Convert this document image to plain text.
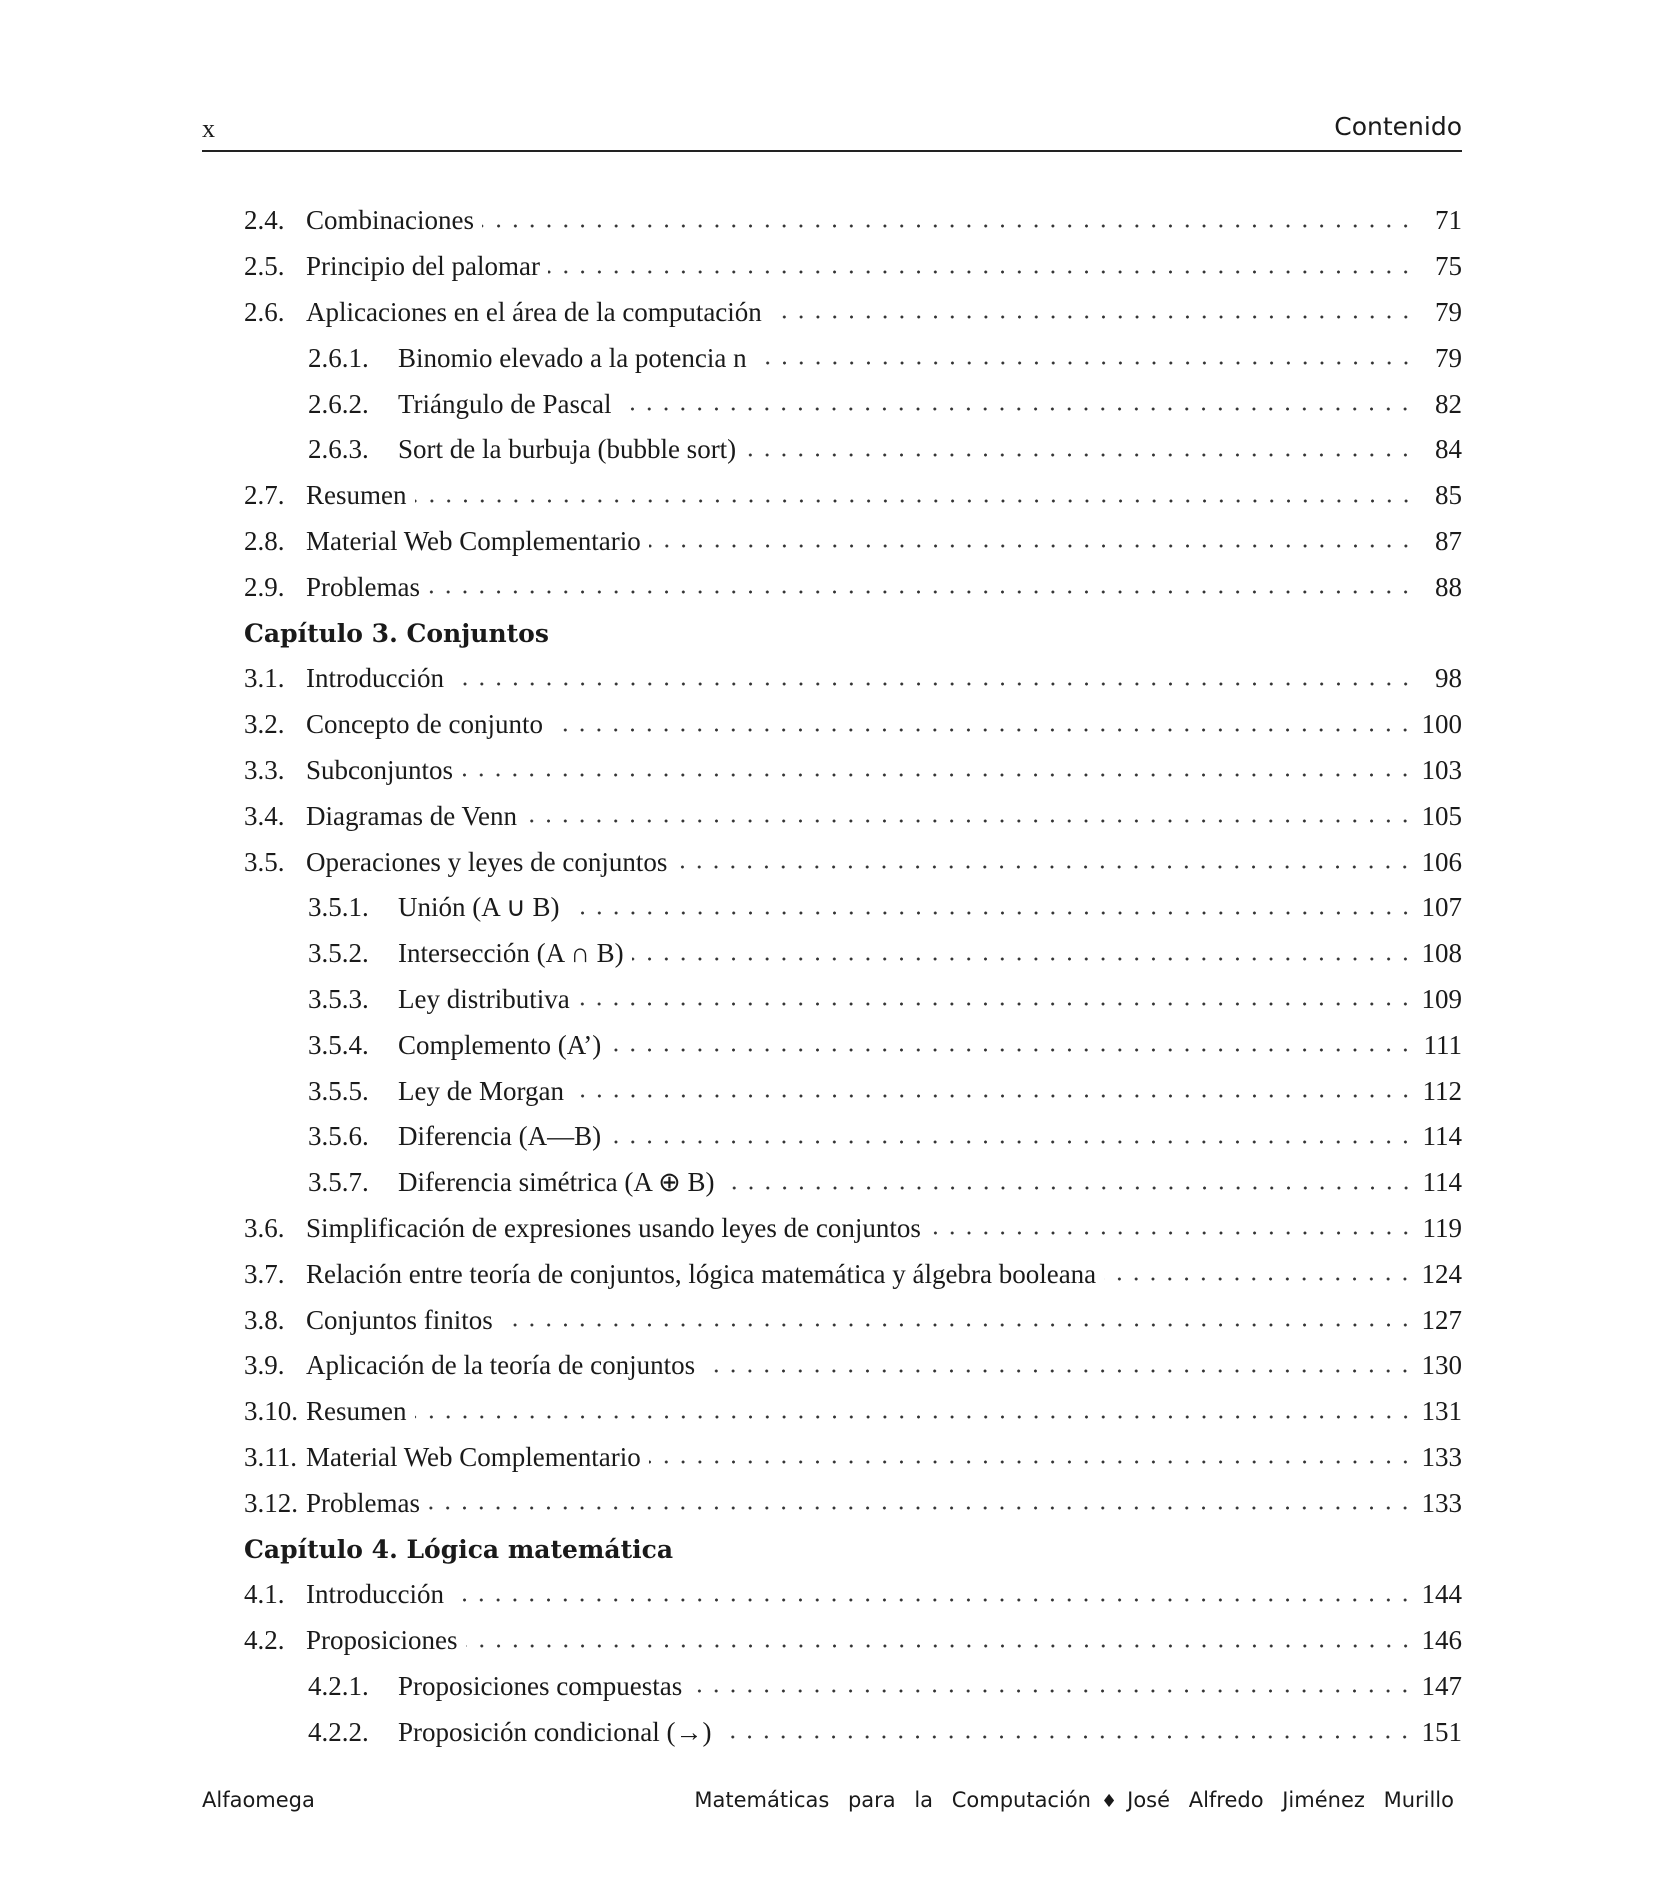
x	Contenido
2.4. Combinaciones	71
2.5. Principio del palomar	75
2.6. Aplicaciones en el área de la computación	79
2.6.1.	Binomio elevado a la potencia n	79
2.6.2.	Triángulo de Pascal	82
2.6.3.	Sort de la burbuja (bubble sort)	84
2.7. Resumen	85
2.8. Material Web Complementario	87
2.9. Problemas	88
Capítulo 3. Conjuntos
3.1. Introducción	98
3.2. Concepto de conjunto	100
3.3. Subconjuntos	103
3.4. Diagramas de Venn	105
3.5. Operaciones y leyes de conjuntos	106
3.5.1.	Unión (A ∪ B)	107
3.5.2.	Intersección (A ∩ B)	108
3.5.3.	Ley distributiva	109
3.5.4.	Complemento (A’)	111
3.5.5.	Ley de Morgan	112
3.5.6.	Diferencia (A—B)	114
3.5.7.	Diferencia simétrica (A ⊕ B)	114
3.6. Simplificación de expresiones usando leyes de conjuntos	119
3.7. Relación entre teoría de conjuntos, lógica matemática y álgebra booleana	124
3.8. Conjuntos finitos	127
3.9. Aplicación de la teoría de conjuntos	130
3.10. Resumen	131
3.11. Material Web Complementario	133
3.12. Problemas	133
Capítulo 4. Lógica matemática
4.1. Introducción	144
4.2. Proposiciones	146
4.2.1.	Proposiciones compuestas	147
4.2.2.	Proposición condicional (→)	151
Alfaomega	Matemáticas para la Computación ♦ José Alfredo Jiménez Murillo
